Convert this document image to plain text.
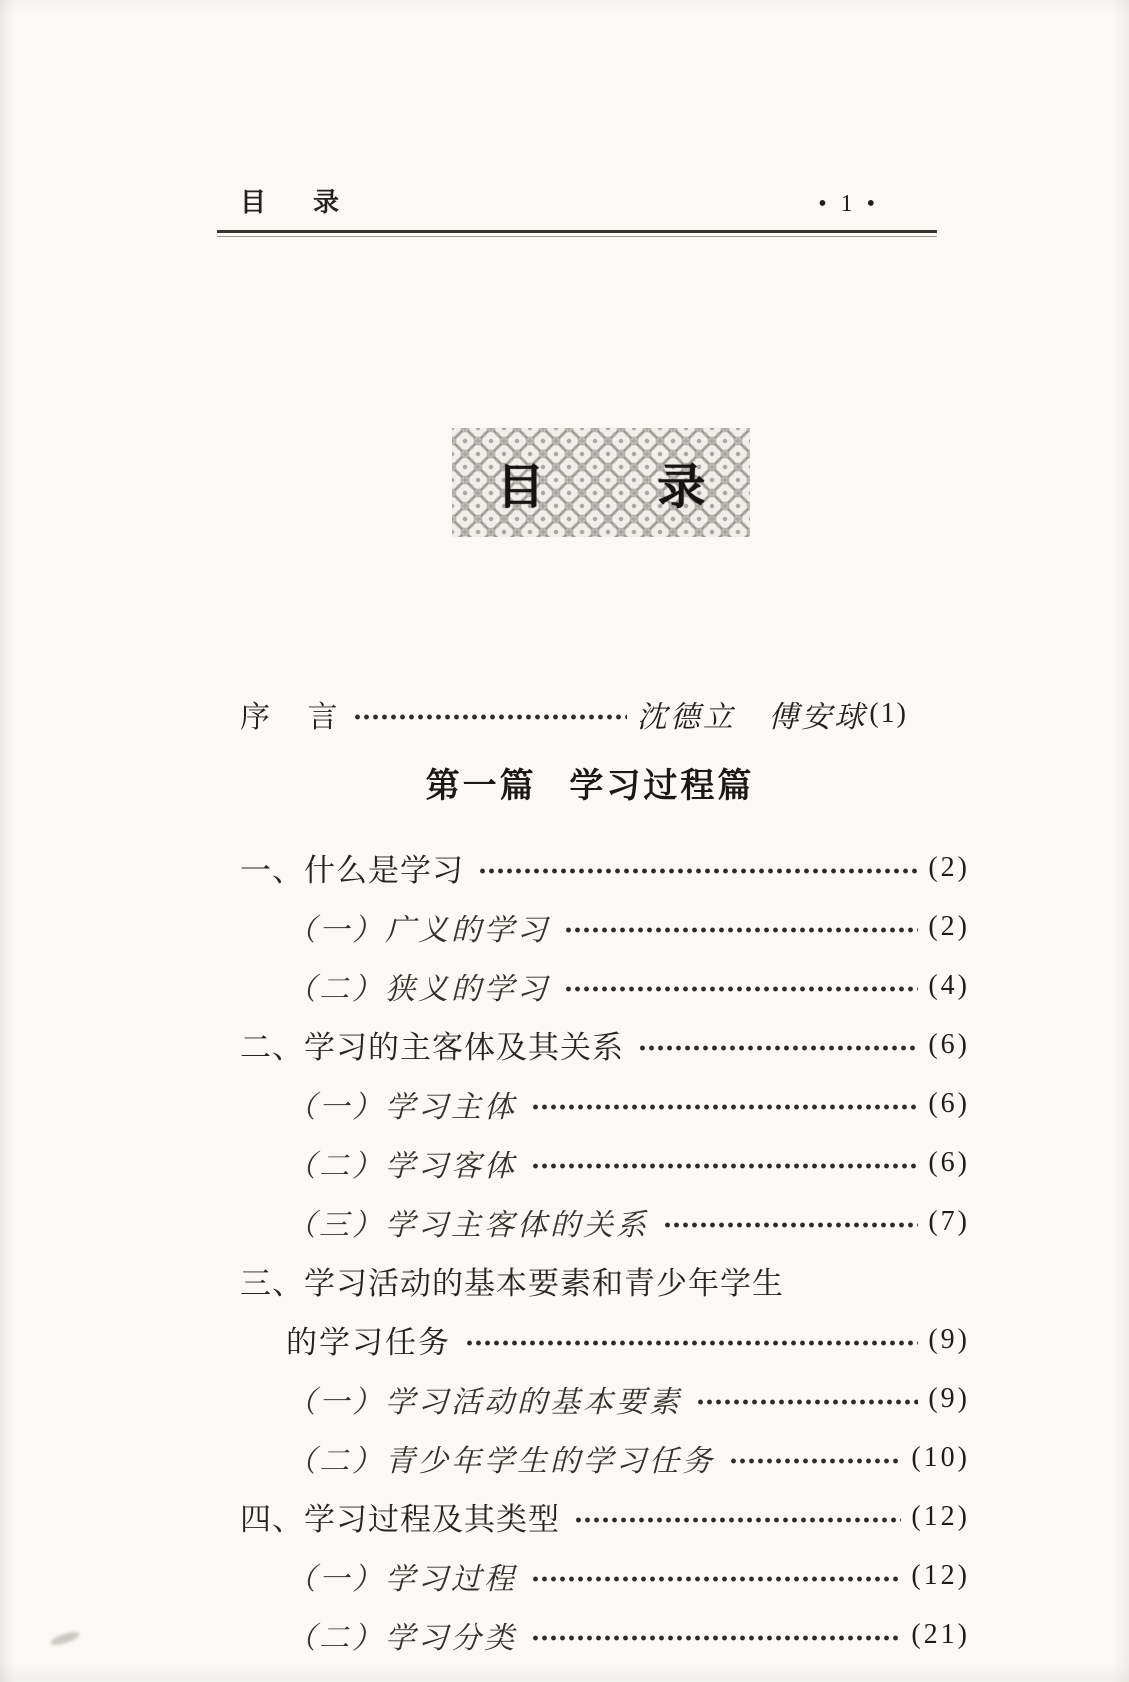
目 录	• 1 •
目 录
序 言	沈德立 傅安球 (1)
第一篇 学习过程篇
一、什么是学习	(2)
（一）广义的学习	(2)
（二）狭义的学习	(4)
二、学习的主客体及其关系	(6)
（一）学习主体	(6)
（二）学习客体	(6)
（三）学习主客体的关系	(7)
三、学习活动的基本要素和青少年学生
的学习任务	(9)
（一）学习活动的基本要素	(9)
（二）青少年学生的学习任务	(10)
四、学习过程及其类型	(12)
（一）学习过程	(12)
（二）学习分类	(21)
